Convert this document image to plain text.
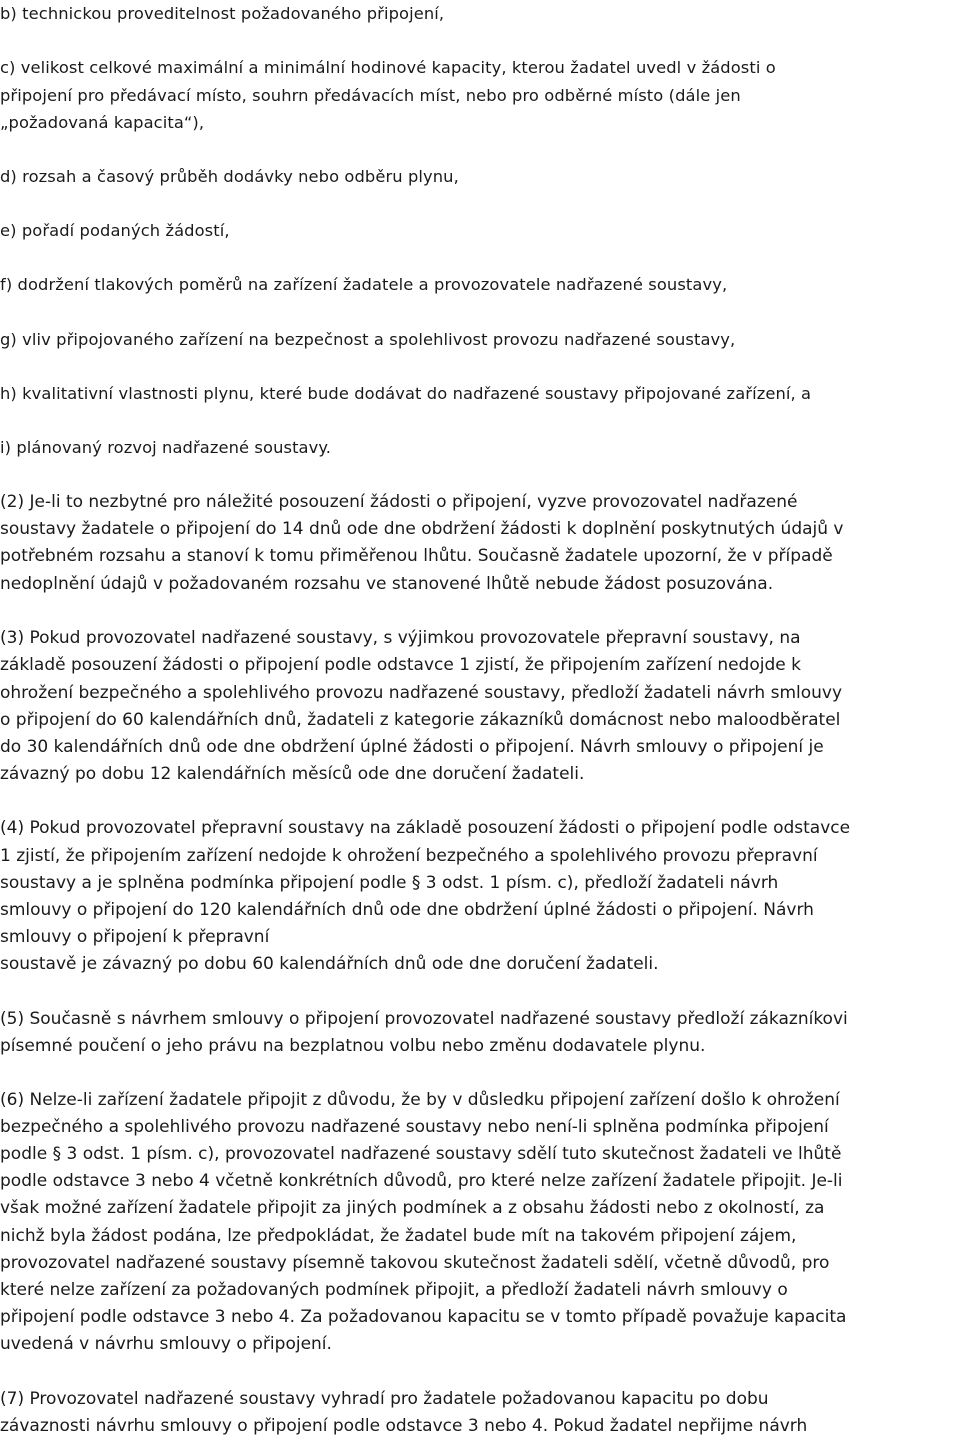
b) technickou proveditelnost požadovaného připojení,
c) velikost celkové maximální a minimální hodinové kapacity, kterou žadatel uvedl v žádosti o
připojení pro předávací místo, souhrn předávacích míst, nebo pro odběrné místo (dále jen
„požadovaná kapacita“),
d) rozsah a časový průběh dodávky nebo odběru plynu,
e) pořadí podaných žádostí,
f) dodržení tlakových poměrů na zařízení žadatele a provozovatele nadřazené soustavy,
g) vliv připojovaného zařízení na bezpečnost a spolehlivost provozu nadřazené soustavy,
h) kvalitativní vlastnosti plynu, které bude dodávat do nadřazené soustavy připojované zařízení, a
i) plánovaný rozvoj nadřazené soustavy.
(2) Je-li to nezbytné pro náležité posouzení žádosti o připojení, vyzve provozovatel nadřazené
soustavy žadatele o připojení do 14 dnů ode dne obdržení žádosti k doplnění poskytnutých údajů v
potřebném rozsahu a stanoví k tomu přiměřenou lhůtu. Současně žadatele upozorní, že v případě
nedoplnění údajů v požadovaném rozsahu ve stanovené lhůtě nebude žádost posuzována.
(3) Pokud provozovatel nadřazené soustavy, s výjimkou provozovatele přepravní soustavy, na
základě posouzení žádosti o připojení podle odstavce 1 zjistí, že připojením zařízení nedojde k
ohrožení bezpečného a spolehlivého provozu nadřazené soustavy, předloží žadateli návrh smlouvy
o připojení do 60 kalendářních dnů, žadateli z kategorie zákazníků domácnost nebo maloodběratel
do 30 kalendářních dnů ode dne obdržení úplné žádosti o připojení. Návrh smlouvy o připojení je
závazný po dobu 12 kalendářních měsíců ode dne doručení žadateli.
(4) Pokud provozovatel přepravní soustavy na základě posouzení žádosti o připojení podle odstavce
1 zjistí, že připojením zařízení nedojde k ohrožení bezpečného a spolehlivého provozu přepravní
soustavy a je splněna podmínka připojení podle § 3 odst. 1 písm. c), předloží žadateli návrh
smlouvy o připojení do 120 kalendářních dnů ode dne obdržení úplné žádosti o připojení. Návrh
smlouvy o připojení k přepravní
soustavě je závazný po dobu 60 kalendářních dnů ode dne doručení žadateli.
(5) Současně s návrhem smlouvy o připojení provozovatel nadřazené soustavy předloží zákazníkovi
písemné poučení o jeho právu na bezplatnou volbu nebo změnu dodavatele plynu.
(6) Nelze-li zařízení žadatele připojit z důvodu, že by v důsledku připojení zařízení došlo k ohrožení
bezpečného a spolehlivého provozu nadřazené soustavy nebo není-li splněna podmínka připojení
podle § 3 odst. 1 písm. c), provozovatel nadřazené soustavy sdělí tuto skutečnost žadateli ve lhůtě
podle odstavce 3 nebo 4 včetně konkrétních důvodů, pro které nelze zařízení žadatele připojit. Je-li
však možné zařízení žadatele připojit za jiných podmínek a z obsahu žádosti nebo z okolností, za
nichž byla žádost podána, lze předpokládat, že žadatel bude mít na takovém připojení zájem,
provozovatel nadřazené soustavy písemně takovou skutečnost žadateli sdělí, včetně důvodů, pro
které nelze zařízení za požadovaných podmínek připojit, a předloží žadateli návrh smlouvy o
připojení podle odstavce 3 nebo 4. Za požadovanou kapacitu se v tomto případě považuje kapacita
uvedená v návrhu smlouvy o připojení.
(7) Provozovatel nadřazené soustavy vyhradí pro žadatele požadovanou kapacitu po dobu
závaznosti návrhu smlouvy o připojení podle odstavce 3 nebo 4. Pokud žadatel nepřijme návrh
